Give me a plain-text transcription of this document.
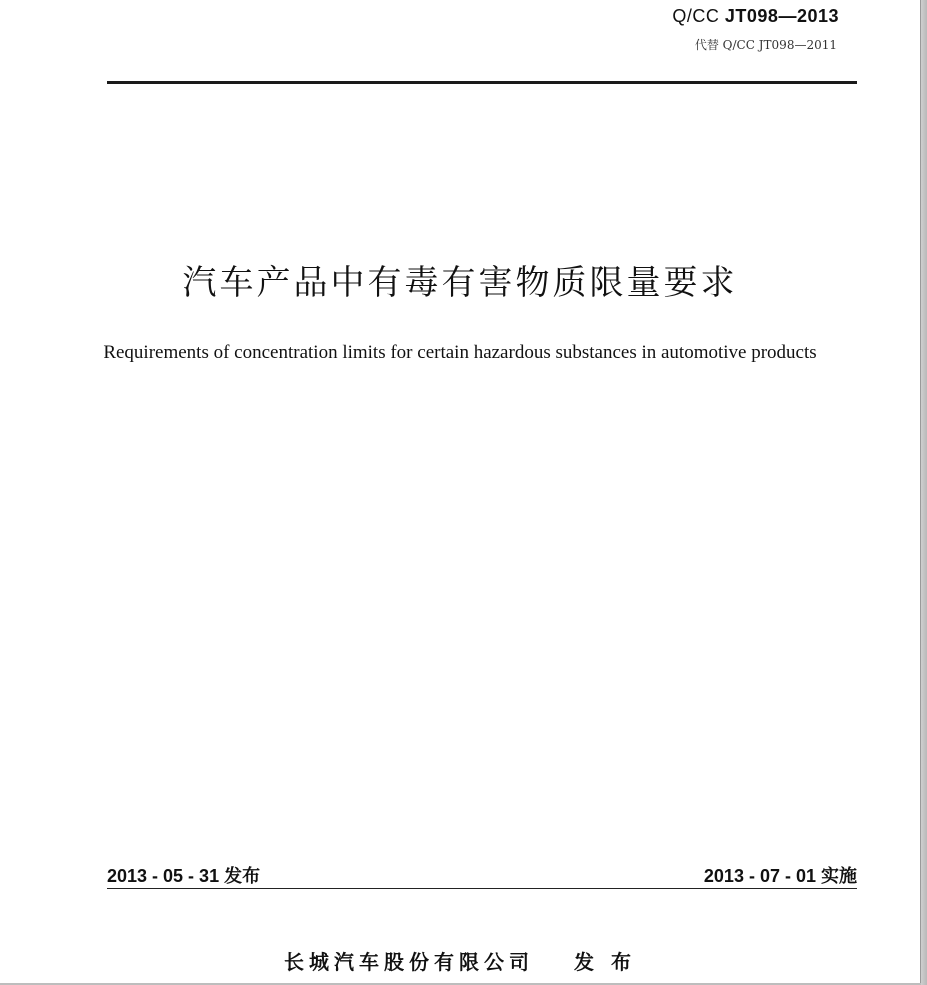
Q/CC JT098—2013
代替 Q/CC JT098—2011
汽车产品中有毒有害物质限量要求
Requirements of concentration limits for certain hazardous substances in automotive products
2013 - 05 - 31 发布	2013 - 07 - 01 实施
长城汽车股份有限公司 发 布
